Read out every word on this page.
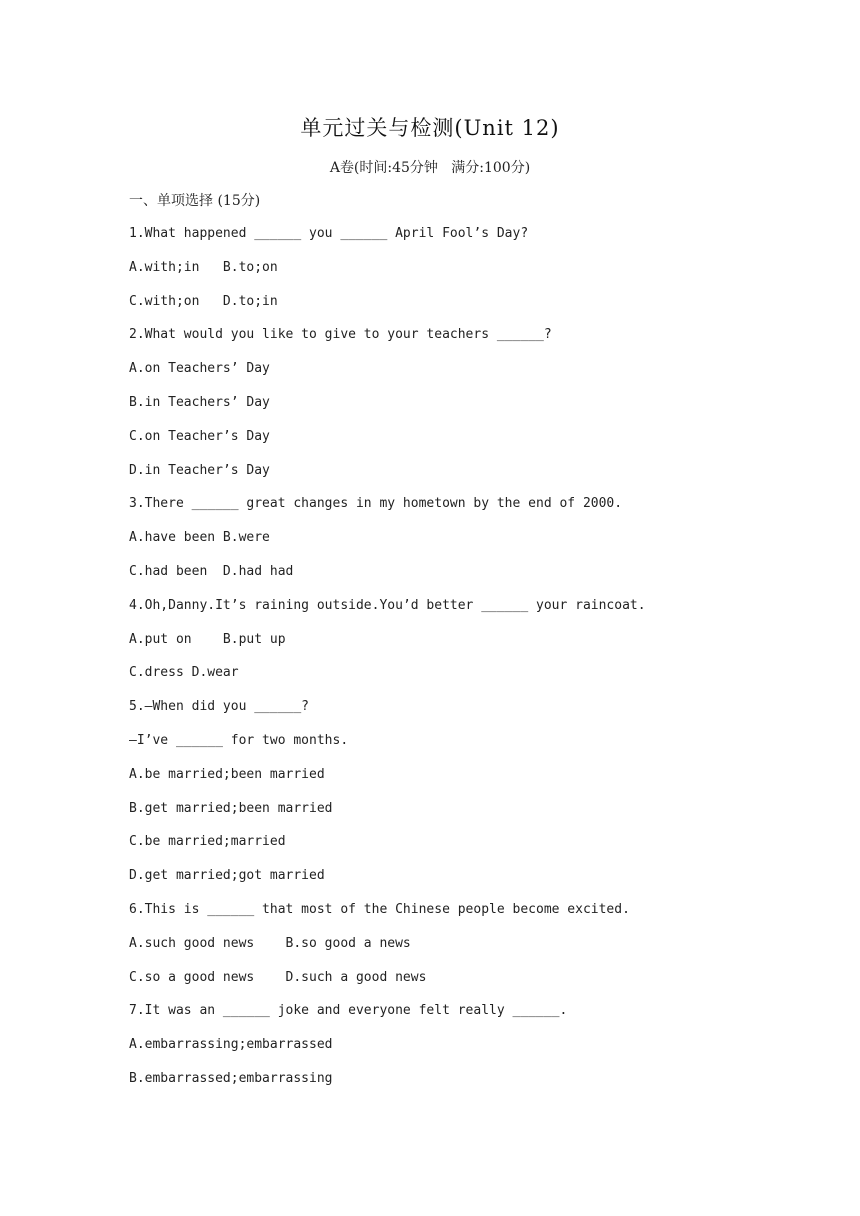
单元过关与检测(Unit 12)
A卷(时间:45分钟   满分:100分)
一、单项选择 (15分)
1.What happened ______ you ______ April Fool’s Day?
A.with;in   B.to;on
C.with;on   D.to;in
2.What would you like to give to your teachers ______?
A.on Teachers’ Day
B.in Teachers’ Day
C.on Teacher’s Day
D.in Teacher’s Day
3.There ______ great changes in my hometown by the end of 2000.
A.have been B.were
C.had been  D.had had
4.Oh,Danny.It’s raining outside.You’d better ______ your raincoat.
A.put on    B.put up
C.dress D.wear
5.—When did you ______?
—I’ve ______ for two months.
A.be married;been married
B.get married;been married
C.be married;married
D.get married;got married
6.This is ______ that most of the Chinese people become excited.
A.such good news    B.so good a news
C.so a good news    D.such a good news
7.It was an ______ joke and everyone felt really ______.
A.embarrassing;embarrassed
B.embarrassed;embarrassing
